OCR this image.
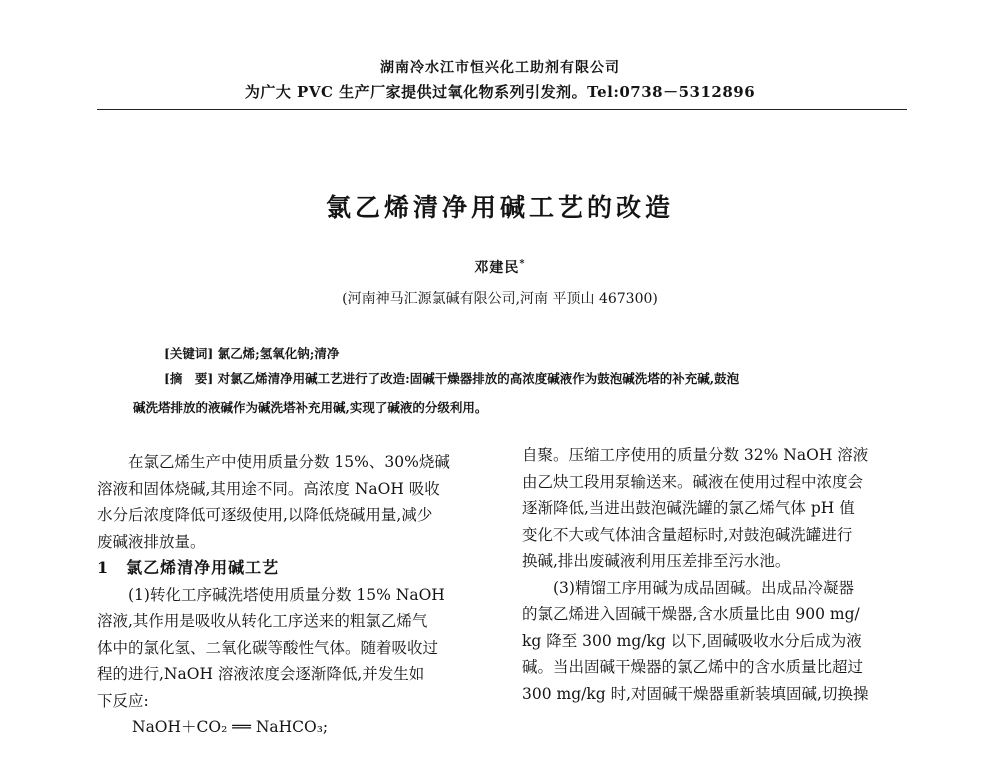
湖南冷水江市恒兴化工助剂有限公司
为广大 PVC 生产厂家提供过氧化物系列引发剂。Tel:0738－5312896
氯乙烯清净用碱工艺的改造
邓建民*
(河南神马汇源氯碱有限公司,河南 平顶山 467300)
[关键词] 氯乙烯;氢氧化钠;清净
[摘　要] 对氯乙烯清净用碱工艺进行了改造:固碱干燥器排放的高浓度碱液作为鼓泡碱洗塔的补充碱,鼓泡
碱洗塔排放的液碱作为碱洗塔补充用碱,实现了碱液的分级利用。

在氯乙烯生产中使用质量分数 15%、30%烧碱

溶液和固体烧碱,其用途不同。高浓度 NaOH 吸收

水分后浓度降低可逐级使用,以降低烧碱用量,减少

废碱液排放量。

1　氯乙烯清净用碱工艺

(1)转化工序碱洗塔使用质量分数 15% NaOH

溶液,其作用是吸收从转化工序送来的粗氯乙烯气

体中的氯化氢、二氧化碳等酸性气体。随着吸收过

程的进行,NaOH 溶液浓度会逐渐降低,并发生如

下反应:

NaOH＋CO₂ ══ NaHCO₃;

自聚。压缩工序使用的质量分数 32% NaOH 溶液

由乙炔工段用泵输送来。碱液在使用过程中浓度会

逐渐降低,当进出鼓泡碱洗罐的氯乙烯气体 pH 值

变化不大或气体油含量超标时,对鼓泡碱洗罐进行

换碱,排出废碱液利用压差排至污水池。

(3)精馏工序用碱为成品固碱。出成品冷凝器

的氯乙烯进入固碱干燥器,含水质量比由 900 mg/

kg 降至 300 mg/kg 以下,固碱吸收水分后成为液

碱。当出固碱干燥器的氯乙烯中的含水质量比超过

300 mg/kg 时,对固碱干燥器重新装填固碱,切换操
